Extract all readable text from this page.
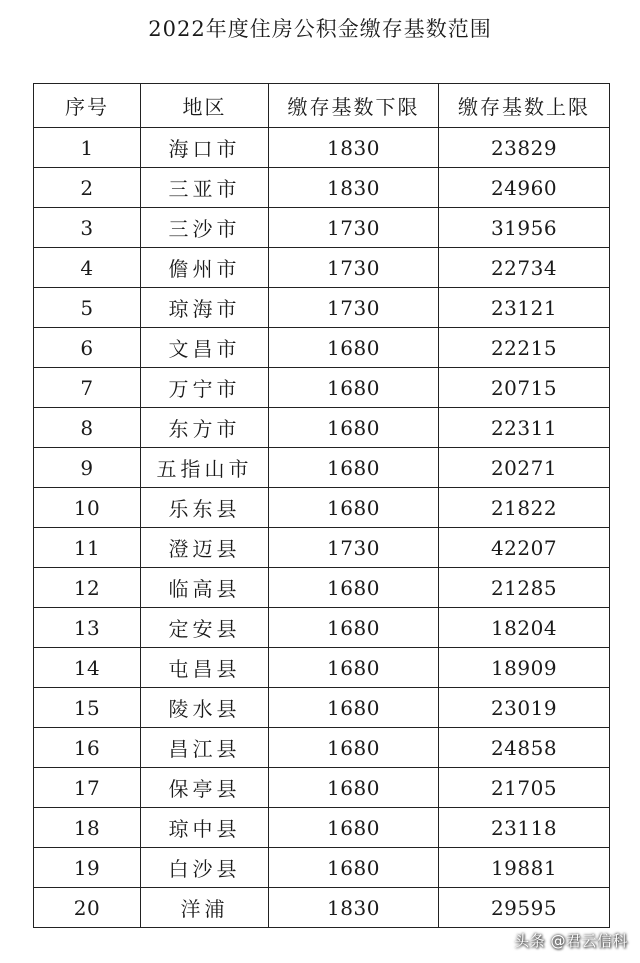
2022年度住房公积金缴存基数范围
序号	地区	缴存基数下限	缴存基数上限
1	海口市	1830	23829
2	三亚市	1830	24960
3	三沙市	1730	31956
4	儋州市	1730	22734
5	琼海市	1730	23121
6	文昌市	1680	22215
7	万宁市	1680	20715
8	东方市	1680	22311
9	五指山市	1680	20271
10	乐东县	1680	21822
11	澄迈县	1730	42207
12	临高县	1680	21285
13	定安县	1680	18204
14	屯昌县	1680	18909
15	陵水县	1680	23019
16	昌江县	1680	24858
17	保亭县	1680	21705
18	琼中县	1680	23118
19	白沙县	1680	19881
20	洋浦	1830	29595
头条 @君云信科
